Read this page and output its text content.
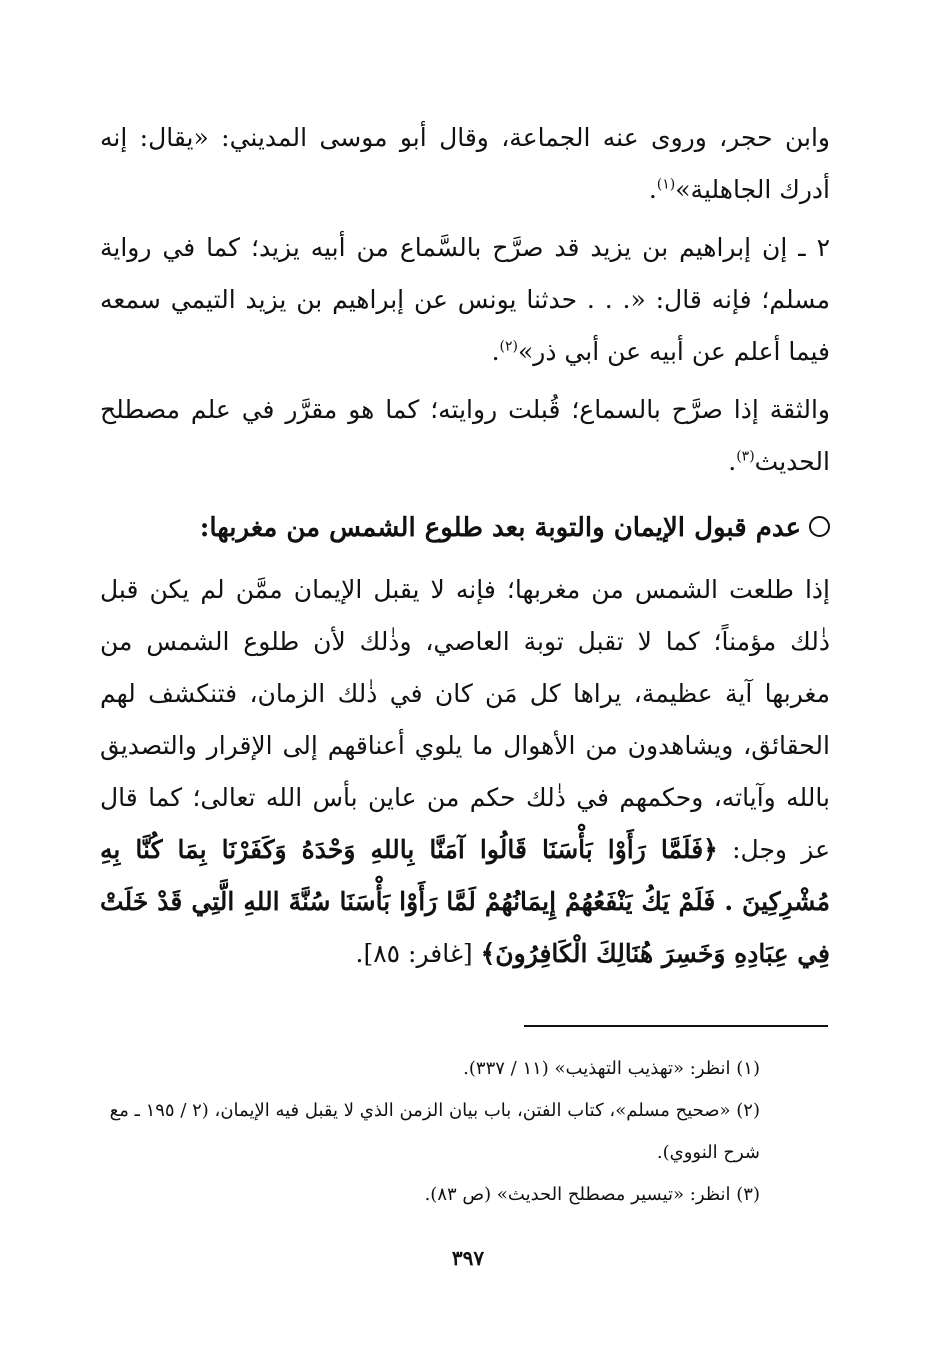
وابن حجر، وروى عنه الجماعة، وقال أبو موسى المديني: «يقال: إنه أدرك الجاهلية»$^{(١)}$.

٢ ـ إن إبراهيم بن يزيد قد صرَّح بالسَّماع من أبيه يزيد؛ كما في رواية مسلم؛ فإنه قال: «. . . حدثنا يونس عن إبراهيم بن يزيد التيمي سمعه فيما أعلم عن أبيه عن أبي ذر»$^{(٢)}$.

والثقة إذا صرَّح بالسماع؛ قُبلت روايته؛ كما هو مقرَّر في علم مصطلح الحديث$^{(٣)}$.

عدم قبول الإيمان والتوبة بعد طلوع الشمس من مغربها:

إذا طلعت الشمس من مغربها؛ فإنه لا يقبل الإيمان ممَّن لم يكن قبل ذٰلك مؤمناً؛ كما لا تقبل توبة العاصي، وذٰلك لأن طلوع الشمس من مغربها آية عظيمة، يراها كل مَن كان في ذٰلك الزمان، فتنكشف لهم الحقائق، ويشاهدون من الأهوال ما يلوي أعناقهم إلى الإقرار والتصديق بالله وآياته، وحكمهم في ذٰلك حكم من عاين بأس الله تعالى؛ كما قال عز وجل: ﴿فَلَمَّا رَأَوْا بَأْسَنَا قَالُوا آمَنَّا بِاللهِ وَحْدَهُ وَكَفَرْنَا بِمَا كُنَّا بِهِ مُشْرِكِينَ . فَلَمْ يَكُ يَنْفَعُهُمْ إِيمَانُهُمْ لَمَّا رَأَوْا بَأْسَنَا سُنَّةَ اللهِ الَّتِي قَدْ خَلَتْ فِي عِبَادِهِ وَخَسِرَ هُنَالِكَ الْكَافِرُونَ﴾ [غافر: ٨٥].

(١) انظر: «تهذيب التهذيب» (١١ / ٣٣٧).

(٢) «صحيح مسلم»، كتاب الفتن، باب بيان الزمن الذي لا يقبل فيه الإيمان، (٢ / ١٩٥ ـ مع شرح النووي).

(٣) انظر: «تيسير مصطلح الحديث» (ص ٨٣).

٣٩٧
